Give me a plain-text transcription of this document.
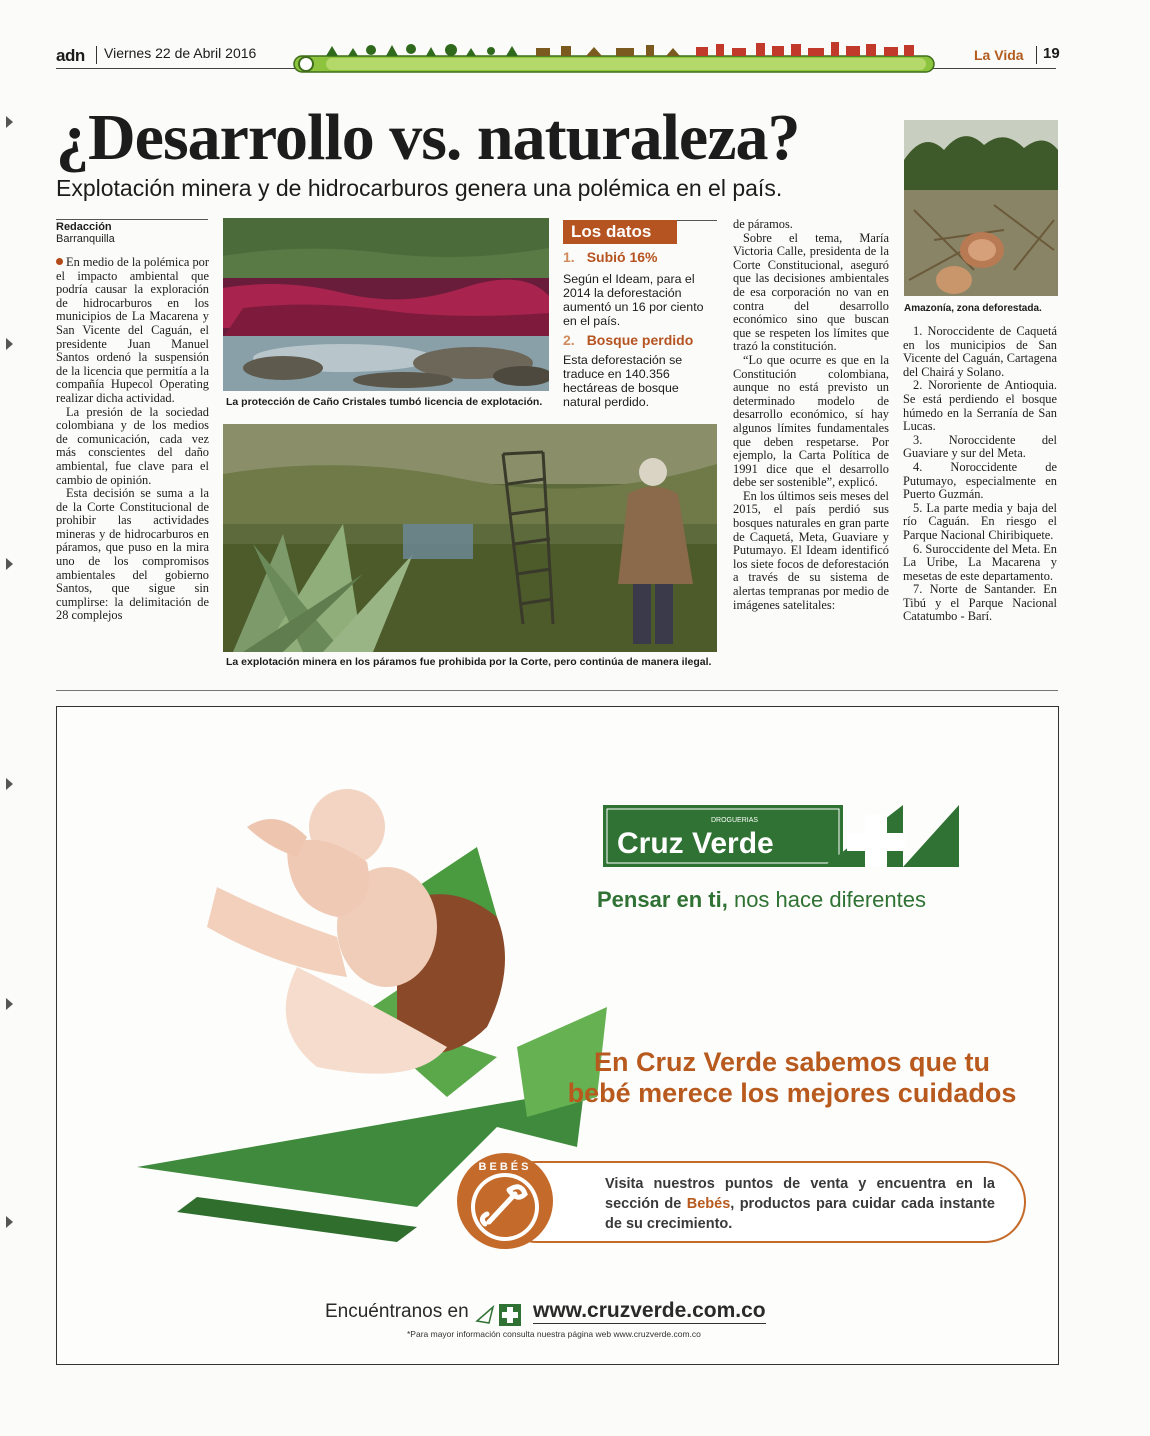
adn Viernes 22 de Abril 2016	La Vida 19
¿Desarrollo vs. naturaleza?
Explotación minera y de hidrocarburos genera una polémica en el país.
Redacción
Barranquilla

En medio de la polémica por el impacto ambiental que podría causar la exploración de hidrocarburos en los municipios de La Macarena y San Vicente del Caguán, el presidente Juan Manuel Santos ordenó la suspensión de la licencia que permitía a la compañía Hupecol Operating realizar dicha actividad.

La presión de la sociedad colombiana y de los medios de comunicación, cada vez más conscientes del daño ambiental, fue clave para el cambio de opinión.

Esta decisión se suma a la de la Corte Constitucional de prohibir las actividades mineras y de hidrocarburos en páramos, que puso en la mira uno de los compromisos ambientales del gobierno Santos, que sigue sin cumplirse: la delimitación de 28 complejos

La protección de Caño Cristales tumbó licencia de explotación.
Los datos
1. Subió 16%
Según el Ideam, para el 2014 la deforestación aumentó un 16 por ciento en el país.
2. Bosque perdido
Esta deforestación se traduce en 140.356 hectáreas de bosque natural perdido.
La explotación minera en los páramos fue prohibida por la Corte, pero continúa de manera ilegal.

de páramos.

Sobre el tema, María Victoria Calle, presidenta de la Corte Constitucional, aseguró que las decisiones ambientales de esa corporación no van en contra del desarrollo económico sino que buscan que se respeten los límites que trazó la constitución.

“Lo que ocurre es que en la Constitución colombiana, aunque no está previsto un determinado modelo de desarrollo económico, sí hay algunos límites fundamentales que deben respetarse. Por ejemplo, la Carta Política de 1991 dice que el desarrollo debe ser sostenible”, explicó.

En los últimos seis meses del 2015, el país perdió sus bosques naturales en gran parte de Caquetá, Meta, Guaviare y Putumayo. El Ideam identificó los siete focos de deforestación a través de su sistema de alertas tempranas por medio de imágenes satelitales:

Amazonía, zona deforestada.

1. Noroccidente de Caquetá en los municipios de San Vicente del Caguán, Cartagena del Chairá y Solano.

2. Nororiente de Antioquia. Se está perdiendo el bosque húmedo en la Serranía de San Lucas.

3. Noroccidente del Guaviare y sur del Meta.

4. Noroccidente de Putumayo, especialmente en Puerto Guzmán.

5. La parte media y baja del río Caguán. En riesgo el Parque Nacional Chiribiquete.

6. Suroccidente del Meta. En La Uribe, La Macarena y mesetas de este departamento.

7. Norte de Santander. En Tibú y el Parque Nacional Catatumbo - Barí.

DROGUERIAS
Cruz Verde
Pensar en ti, nos hace diferentes
En Cruz Verde sabemos que tu
bebé merece los mejores cuidados
BEBÉS
Visita nuestros puntos de venta y encuentra en la sección de Bebés, productos para cuidar cada instante de su crecimiento.
Encuéntranos en	www.cruzverde.com.co
*Para mayor información consulta nuestra página web www.cruzverde.com.co
